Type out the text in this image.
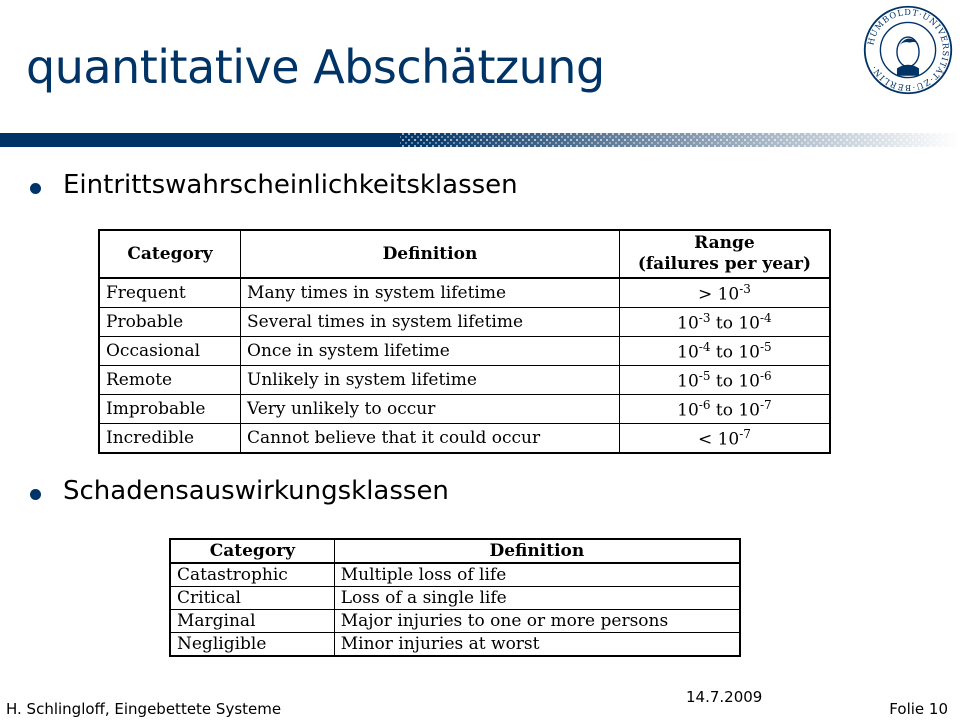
quantitative Abschätzung	HUMBOLDT·UNIVERSITÄT·ZU·BERLIN·
Eintrittswahrscheinlichkeitsklassen
Category	Definition	Range
(failures per year)
Frequent	Many times in system lifetime	> $10^{-3}$
Probable	Several times in system lifetime	$10^{-3}$ to $10^{-4}$
Occasional	Once in system lifetime	$10^{-4}$ to $10^{-5}$
Remote	Unlikely in system lifetime	$10^{-5}$ to $10^{-6}$
Improbable	Very unlikely to occur	$10^{-6}$ to $10^{-7}$
Incredible	Cannot believe that it could occur	< $10^{-7}$
Schadensauswirkungsklassen
Category	Definition
Catastrophic	Multiple loss of life
Critical	Loss of a single life
Marginal	Major injuries to one or more persons
Negligible	Minor injuries at worst
H. Schlingloff, Eingebettete Systeme
14.7.2009
Folie 10
